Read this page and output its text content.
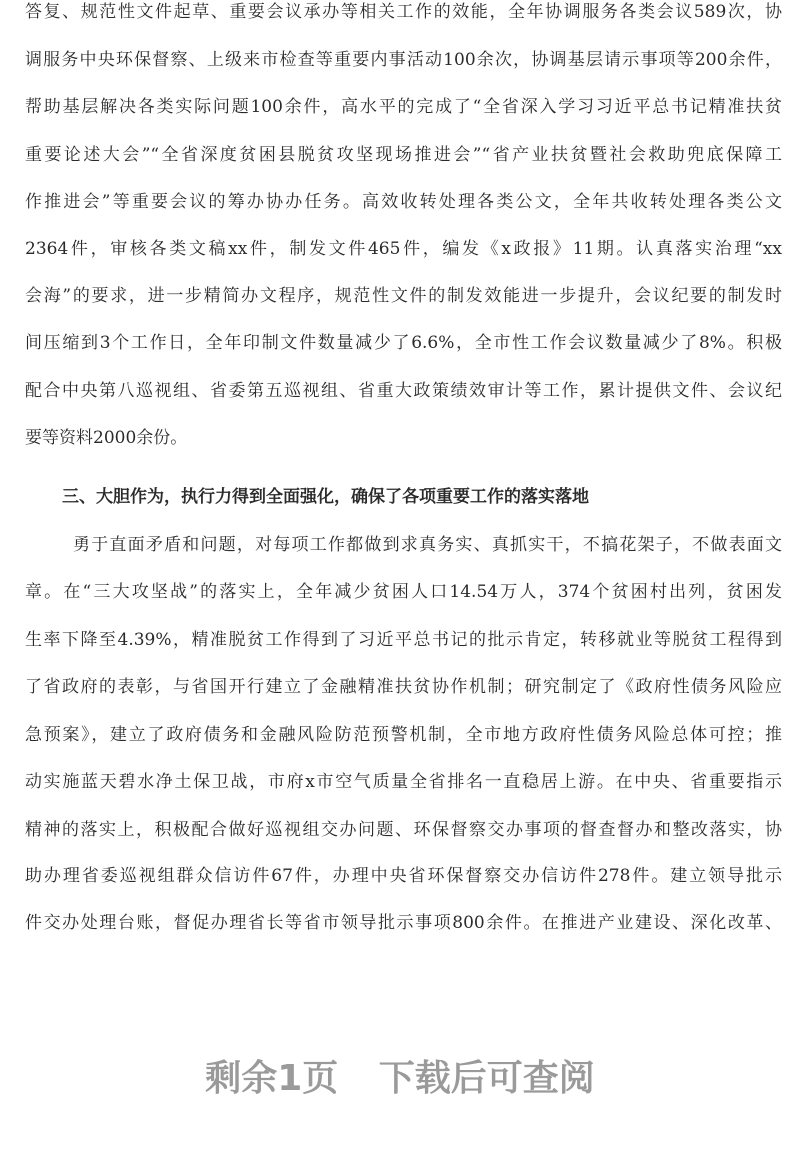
答复、规范性文件起草、重要会议承办等相关工作的效能，全年协调服务各类会议589次，协
调服务中央环保督察、上级来市检查等重要内事活动100余次，协调基层请示事项等200余件，
帮助基层解决各类实际问题100余件，高水平的完成了“全省深入学习习近平总书记精准扶贫
重要论述大会”“全省深度贫困县脱贫攻坚现场推进会”“省产业扶贫暨社会救助兜底保障工
作推进会”等重要会议的筹办协办任务。高效收转处理各类公文，全年共收转处理各类公文
2364件，审核各类文稿xx件，制发文件465件，编发《x政报》11期。认真落实治理“xx
会海”的要求，进一步精简办文程序，规范性文件的制发效能进一步提升，会议纪要的制发时
间压缩到3个工作日，全年印制文件数量减少了6.6%，全市性工作会议数量减少了8%。积极
配合中央第八巡视组、省委第五巡视组、省重大政策绩效审计等工作，累计提供文件、会议纪
要等资料2000余份。
三、大胆作为，执行力得到全面强化，确保了各项重要工作的落实落地
勇于直面矛盾和问题，对每项工作都做到求真务实、真抓实干，不搞花架子，不做表面文
章。在“三大攻坚战”的落实上，全年减少贫困人口14.54万人，374个贫困村出列，贫困发
生率下降至4.39%，精准脱贫工作得到了习近平总书记的批示肯定，转移就业等脱贫工程得到
了省政府的表彰，与省国开行建立了金融精准扶贫协作机制；研究制定了《政府性债务风险应
急预案》，建立了政府债务和金融风险防范预警机制，全市地方政府性债务风险总体可控；推
动实施蓝天碧水净土保卫战，市府x市空气质量全省排名一直稳居上游。在中央、省重要指示
精神的落实上，积极配合做好巡视组交办问题、环保督察交办事项的督查督办和整改落实，协
助办理省委巡视组群众信访件67件，办理中央省环保督察交办信访件278件。建立领导批示
件交办处理台账，督促办理省长等省市领导批示事项800余件。在推进产业建设、深化改革、
剩余1页 下载后可查阅
